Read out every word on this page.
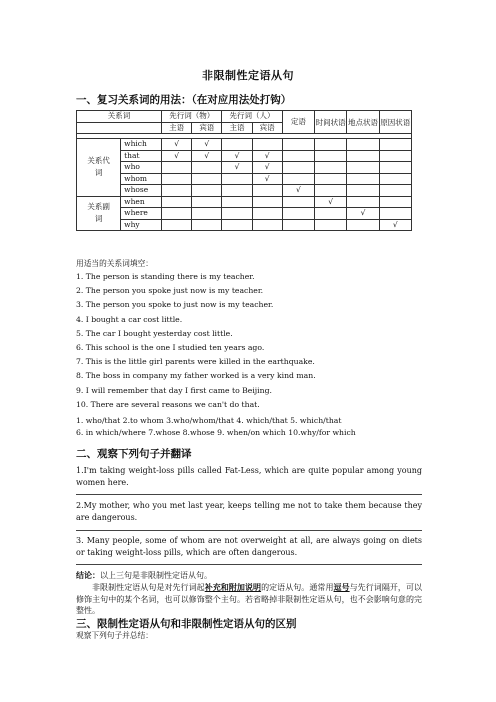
非限制性定语从句
一、复习关系词的用法：（在对应用法处打钩）
关系词		先行词（物）		先行词（人）		定语	时间状语	地点状语	原因状语
		主语	宾语	主语	宾语				

关系代词	which	√	√						
	that	√	√	√	√				
	who			√	√				
	whom				√				
	whose					√			
关系副词	when						√		
	where							√	
	why								√
用适当的关系词填空：
1. The person is standing there is my teacher.
2. The person you spoke just now is my teacher.
3. The person you spoke to just now is my teacher.
4. I bought a car cost little.
5. The car I bought yesterday cost little.
6. This school is the one I studied ten years ago.
7. This is the little girl parents were killed in the earthquake.
8. The boss in company my father worked is a very kind man.
9. I will remember that day I first came to Beijing.
10. There are several reasons we can't do that.
1. who/that 2.to whom 3.who/whom/that 4. which/that 5. which/that
6. in which/where 7.whose 8.whose 9. when/on which 10.why/for which
二、观察下列句子并翻译
1.I'm taking weight-loss pills called Fat-Less, which are quite popular among young women here.
2.My mother, who you met last year, keeps telling me not to take them because they are dangerous.
3. Many people, some of whom are not overweight at all, are always going on diets or taking weight-loss pills, which are often dangerous.
结论：以上三句是非限制性定语从句。
非限制性定语从句是对先行词起补充和附加说明的定语从句。通常用逗号与先行词隔开，可以修饰主句中的某个名词，也可以修饰整个主句。若省略掉非限制性定语从句，也不会影响句意的完整性。
三、限制性定语从句和非限制性定语从句的区别
观察下列句子并总结：
